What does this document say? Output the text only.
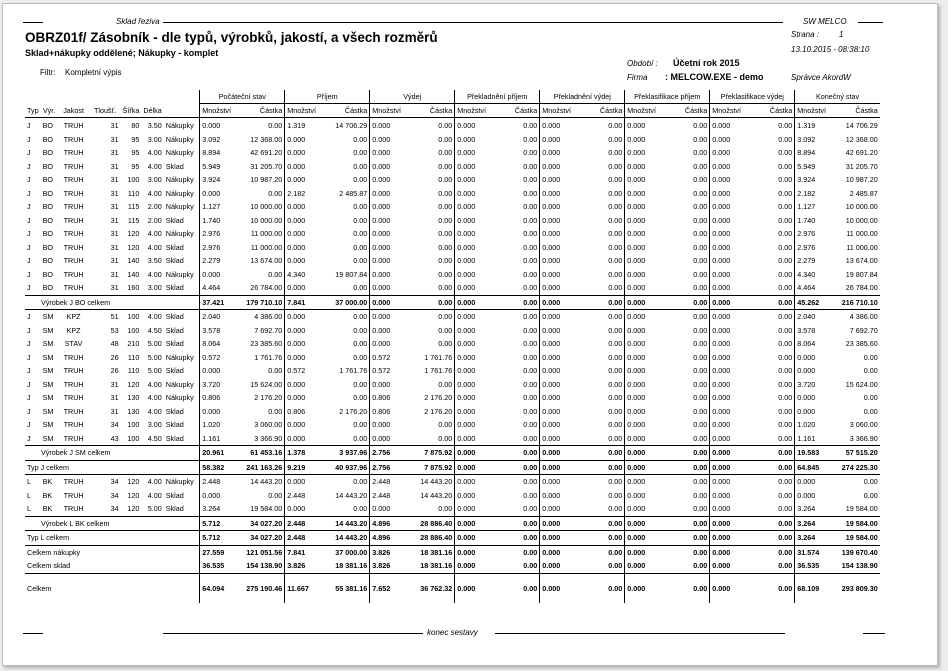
Sklad řeziva	SW MELCO
Strana : 1
13.10.2015 - 08:38:10
OBRZ01f/ Zásobník - dle typů, výrobků, jakostí, a všech rozměrů
Sklad+nákupky oddělené; Nákupky - komplet
Filtr: Kompletní výpis
Období : Účetní rok 2015
Firma : MELCOW.EXE - demo	Správce AkordW
							Počáteční stav		Příjem		Výdej		Překladnění příjem		Překladnění výdej		Překlasifikace příjem		Překlasifikace výdej		Konečný stav	
Typ	Výr.	Jakost	Tloušť.	Šířka	Délka		Množství	Částka	Množství	Částka	Množství	Částka	Množství	Částka	Množství	Částka	Množství	Částka	Množství	Částka	Množství	Částka
J	BO	TRUH	31	80	3.50	Nákupky	0.000	0.00	1.319	14 706.29	0.000	0.00	0.000	0.00	0.000	0.00	0.000	0.00	0.000	0.00	1.319	14 706.29
J	BO	TRUH	31	95	3.00	Nákupky	3.092	12 368.00	0.000	0.00	0.000	0.00	0.000	0.00	0.000	0.00	0.000	0.00	0.000	0.00	3.092	12 368.00
J	BO	TRUH	31	95	4.00	Nákupky	8.894	42 691.20	0.000	0.00	0.000	0.00	0.000	0.00	0.000	0.00	0.000	0.00	0.000	0.00	8.894	42 691.20
J	BO	TRUH	31	95	4.00	Sklad	5.949	31 205.70	0.000	0.00	0.000	0.00	0.000	0.00	0.000	0.00	0.000	0.00	0.000	0.00	5.949	31 205.70
J	BO	TRUH	31	100	3.00	Nákupky	3.924	10 987.20	0.000	0.00	0.000	0.00	0.000	0.00	0.000	0.00	0.000	0.00	0.000	0.00	3.924	10 987.20
J	BO	TRUH	31	110	4.00	Nákupky	0.000	0.00	2.182	2 485.87	0.000	0.00	0.000	0.00	0.000	0.00	0.000	0.00	0.000	0.00	2.182	2 485.87
J	BO	TRUH	31	115	2.00	Nákupky	1.127	10 000.00	0.000	0.00	0.000	0.00	0.000	0.00	0.000	0.00	0.000	0.00	0.000	0.00	1.127	10 000.00
J	BO	TRUH	31	115	2.00	Sklad	1.740	10 000.00	0.000	0.00	0.000	0.00	0.000	0.00	0.000	0.00	0.000	0.00	0.000	0.00	1.740	10 000.00
J	BO	TRUH	31	120	4.00	Nákupky	2.976	11 000.00	0.000	0.00	0.000	0.00	0.000	0.00	0.000	0.00	0.000	0.00	0.000	0.00	2.976	11 000.00
J	BO	TRUH	31	120	4.00	Sklad	2.976	11 000.00	0.000	0.00	0.000	0.00	0.000	0.00	0.000	0.00	0.000	0.00	0.000	0.00	2.976	11 000.00
J	BO	TRUH	31	140	3.50	Sklad	2.279	13 674.00	0.000	0.00	0.000	0.00	0.000	0.00	0.000	0.00	0.000	0.00	0.000	0.00	2.279	13 674.00
J	BO	TRUH	31	140	4.00	Nákupky	0.000	0.00	4.340	19 807.84	0.000	0.00	0.000	0.00	0.000	0.00	0.000	0.00	0.000	0.00	4.340	19 807.84
J	BO	TRUH	31	160	3.00	Sklad	4.464	26 784.00	0.000	0.00	0.000	0.00	0.000	0.00	0.000	0.00	0.000	0.00	0.000	0.00	4.464	26 784.00
Výrobek J BO celkem							37.421	179 710.10	7.841	37 000.00	0.000	0.00	0.000	0.00	0.000	0.00	0.000	0.00	0.000	0.00	45.262	216 710.10
J	SM	KPZ	51	100	4.00	Sklad	2.040	4 386.00	0.000	0.00	0.000	0.00	0.000	0.00	0.000	0.00	0.000	0.00	0.000	0.00	2.040	4 386.00
J	SM	KPZ	53	100	4.50	Sklad	3.578	7 692.70	0.000	0.00	0.000	0.00	0.000	0.00	0.000	0.00	0.000	0.00	0.000	0.00	3.578	7 692.70
J	SM	STAV	48	210	5.00	Sklad	8.064	23 385.60	0.000	0.00	0.000	0.00	0.000	0.00	0.000	0.00	0.000	0.00	0.000	0.00	8.064	23 385.60
J	SM	TRUH	26	110	5.00	Nákupky	0.572	1 761.76	0.000	0.00	0.572	1 761.76	0.000	0.00	0.000	0.00	0.000	0.00	0.000	0.00	0.000	0.00
J	SM	TRUH	26	110	5.00	Sklad	0.000	0.00	0.572	1 761.76	0.572	1 761.76	0.000	0.00	0.000	0.00	0.000	0.00	0.000	0.00	0.000	0.00
J	SM	TRUH	31	120	4.00	Nákupky	3.720	15 624.00	0.000	0.00	0.000	0.00	0.000	0.00	0.000	0.00	0.000	0.00	0.000	0.00	3.720	15 624.00
J	SM	TRUH	31	130	4.00	Nákupky	0.806	2 176.20	0.000	0.00	0.806	2 176.20	0.000	0.00	0.000	0.00	0.000	0.00	0.000	0.00	0.000	0.00
J	SM	TRUH	31	130	4.00	Sklad	0.000	0.00	0.806	2 176.20	0.806	2 176.20	0.000	0.00	0.000	0.00	0.000	0.00	0.000	0.00	0.000	0.00
J	SM	TRUH	34	100	3.00	Sklad	1.020	3 060.00	0.000	0.00	0.000	0.00	0.000	0.00	0.000	0.00	0.000	0.00	0.000	0.00	1.020	3 060.00
J	SM	TRUH	43	100	4.50	Sklad	1.161	3 366.90	0.000	0.00	0.000	0.00	0.000	0.00	0.000	0.00	0.000	0.00	0.000	0.00	1.161	3 366.90
Výrobek J SM celkem							20.961	61 453.16	1.378	3 937.96	2.756	7 875.92	0.000	0.00	0.000	0.00	0.000	0.00	0.000	0.00	19.583	57 515.20
Typ J celkem							58.382	241 163.26	9.219	40 937.96	2.756	7 875.92	0.000	0.00	0.000	0.00	0.000	0.00	0.000	0.00	64.845	274 225.30
L	BK	TRUH	34	120	4.00	Nákupky	2.448	14 443.20	0.000	0.00	2.448	14 443.20	0.000	0.00	0.000	0.00	0.000	0.00	0.000	0.00	0.000	0.00
L	BK	TRUH	34	120	4.00	Sklad	0.000	0.00	2.448	14 443.20	2.448	14 443.20	0.000	0.00	0.000	0.00	0.000	0.00	0.000	0.00	0.000	0.00
L	BK	TRUH	34	120	5.00	Sklad	3.264	19 584.00	0.000	0.00	0.000	0.00	0.000	0.00	0.000	0.00	0.000	0.00	0.000	0.00	3.264	19 584.00
Výrobek L BK celkem							5.712	34 027.20	2.448	14 443.20	4.896	28 886.40	0.000	0.00	0.000	0.00	0.000	0.00	0.000	0.00	3.264	19 584.00
Typ L celkem							5.712	34 027.20	2.448	14 443.20	4.896	28 886.40	0.000	0.00	0.000	0.00	0.000	0.00	0.000	0.00	3.264	19 584.00
Celkem nákupky							27.559	121 051.56	7.841	37 000.00	3.826	18 381.16	0.000	0.00	0.000	0.00	0.000	0.00	0.000	0.00	31.574	139 670.40
Celkem sklad							36.535	154 138.90	3.826	18 381.16	3.826	18 381.16	0.000	0.00	0.000	0.00	0.000	0.00	0.000	0.00	36.535	154 138.90
Celkem							64.094	275 190.46	11.667	55 381.16	7.652	36 762.32	0.000	0.00	0.000	0.00	0.000	0.00	0.000	0.00	68.109	293 809.30
konec sestavy
